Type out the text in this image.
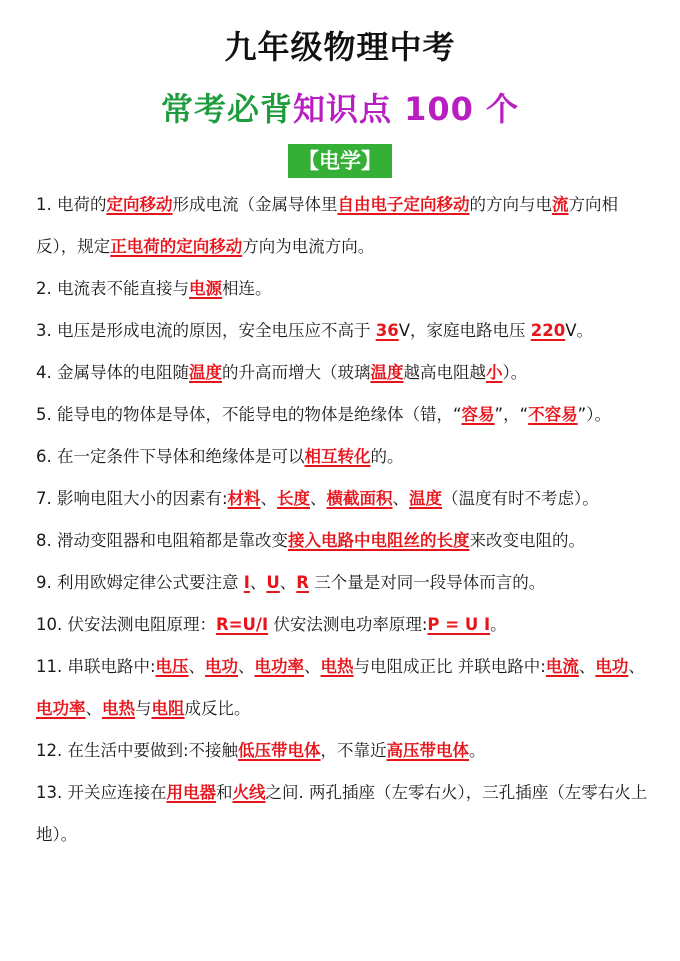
九年级物理中考
常考必背知识点 100 个
【电学】

1. 电荷的定向移动形成电流（金属导体里自由电子定向移动的方向与电流方向相反），规定正电荷的定向移动方向为电流方向。

2. 电流表不能直接与电源相连。

3. 电压是形成电流的原因，安全电压应不高于 36V，家庭电路电压 220V。

4. 金属导体的电阻随温度的升高而增大（玻璃温度越高电阻越小）。

5. 能导电的物体是导体，不能导电的物体是绝缘体（错，“容易”，“不容易”）。

6. 在一定条件下导体和绝缘体是可以相互转化的。

7. 影响电阻大小的因素有:材料、长度、横截面积、温度（温度有时不考虑）。

8. 滑动变阻器和电阻箱都是靠改变接入电路中电阻丝的长度来改变电阻的。

9. 利用欧姆定律公式要注意 I、U、R 三个量是对同一段导体而言的。

10. 伏安法测电阻原理：R=U/I 伏安法测电功率原理:P = U I。

11. 串联电路中:电压、电功、电功率、电热与电阻成正比 并联电路中:电流、电功、电功率、电热与电阻成反比。

12. 在生活中要做到:不接触低压带电体，不靠近高压带电体。

13. 开关应连接在用电器和火线之间. 两孔插座（左零右火），三孔插座（左零右火上地）。
